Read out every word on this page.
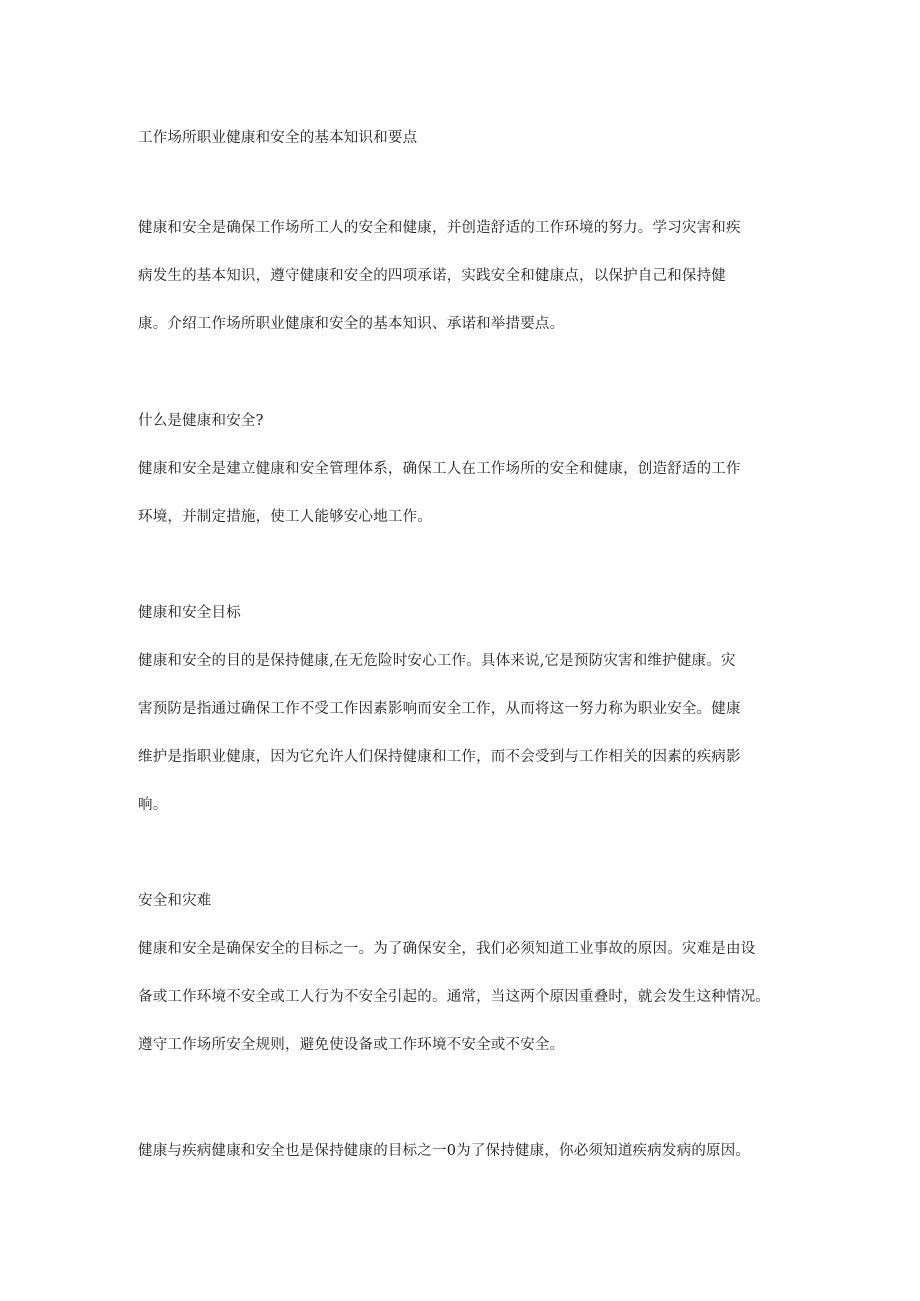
工作场所职业健康和安全的基本知识和要点
健康和安全是确保工作场所工人的安全和健康，并创造舒适的工作环境的努力。学习灾害和疾
病发生的基本知识，遵守健康和安全的四项承诺，实践安全和健康点，以保护自己和保持健
康。介绍工作场所职业健康和安全的基本知识、承诺和举措要点。
什么是健康和安全?
健康和安全是建立健康和安全管理体系，确保工人在工作场所的安全和健康，创造舒适的工作
环境，并制定措施，使工人能够安心地工作。
健康和安全目标
健康和安全的目的是保持健康,在无危险时安心工作。具体来说,它是预防灾害和维护健康。灾
害预防是指通过确保工作不受工作因素影响而安全工作，从而将这一努力称为职业安全。健康
维护是指职业健康，因为它允许人们保持健康和工作，而不会受到与工作相关的因素的疾病影
响。
安全和灾难
健康和安全是确保安全的目标之一。为了确保安全，我们必须知道工业事故的原因。灾难是由设
备或工作环境不安全或工人行为不安全引起的。通常，当这两个原因重叠时，就会发生这种情况。
遵守工作场所安全规则，避免使设备或工作环境不安全或不安全。
健康与疾病健康和安全也是保持健康的目标之一0为了保持健康，你必须知道疾病发病的原因。
